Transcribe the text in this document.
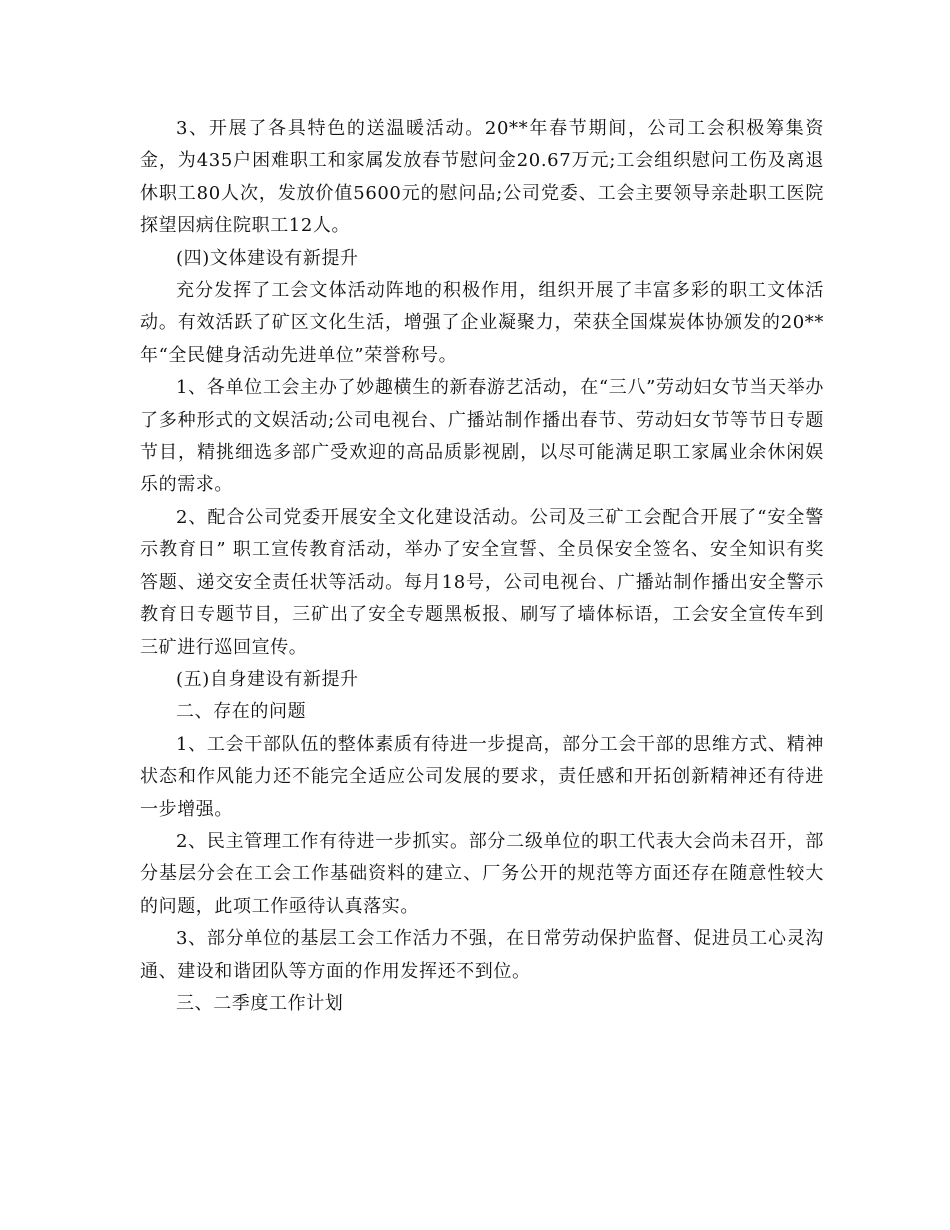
3、开展了各具特色的送温暖活动。20**年春节期间，公司工会积极筹集资金，为435户困难职工和家属发放春节慰问金20.67万元;工会组织慰问工伤及离退休职工80人次，发放价值5600元的慰问品;公司党委、工会主要领导亲赴职工医院探望因病住院职工12人。

(四)文体建设有新提升

充分发挥了工会文体活动阵地的积极作用，组织开展了丰富多彩的职工文体活动。有效活跃了矿区文化生活，增强了企业凝聚力，荣获全国煤炭体协颁发的20**年“全民健身活动先进单位”荣誉称号。

1、各单位工会主办了妙趣横生的新春游艺活动，在“三八”劳动妇女节当天举办了多种形式的文娱活动;公司电视台、广播站制作播出春节、劳动妇女节等节日专题节目，精挑细选多部广受欢迎的高品质影视剧，以尽可能满足职工家属业余休闲娱乐的需求。

2、配合公司党委开展安全文化建设活动。公司及三矿工会配合开展了“安全警示教育日” 职工宣传教育活动，举办了安全宣誓、全员保安全签名、安全知识有奖答题、递交安全责任状等活动。每月18号，公司电视台、广播站制作播出安全警示教育日专题节目，三矿出了安全专题黑板报、刷写了墙体标语，工会安全宣传车到三矿进行巡回宣传。

(五)自身建设有新提升

二、存在的问题

1、工会干部队伍的整体素质有待进一步提高，部分工会干部的思维方式、精神状态和作风能力还不能完全适应公司发展的要求，责任感和开拓创新精神还有待进一步增强。

2、民主管理工作有待进一步抓实。部分二级单位的职工代表大会尚未召开，部分基层分会在工会工作基础资料的建立、厂务公开的规范等方面还存在随意性较大的问题，此项工作亟待认真落实。

3、部分单位的基层工会工作活力不强，在日常劳动保护监督、促进员工心灵沟通、建设和谐团队等方面的作用发挥还不到位。

三、二季度工作计划
